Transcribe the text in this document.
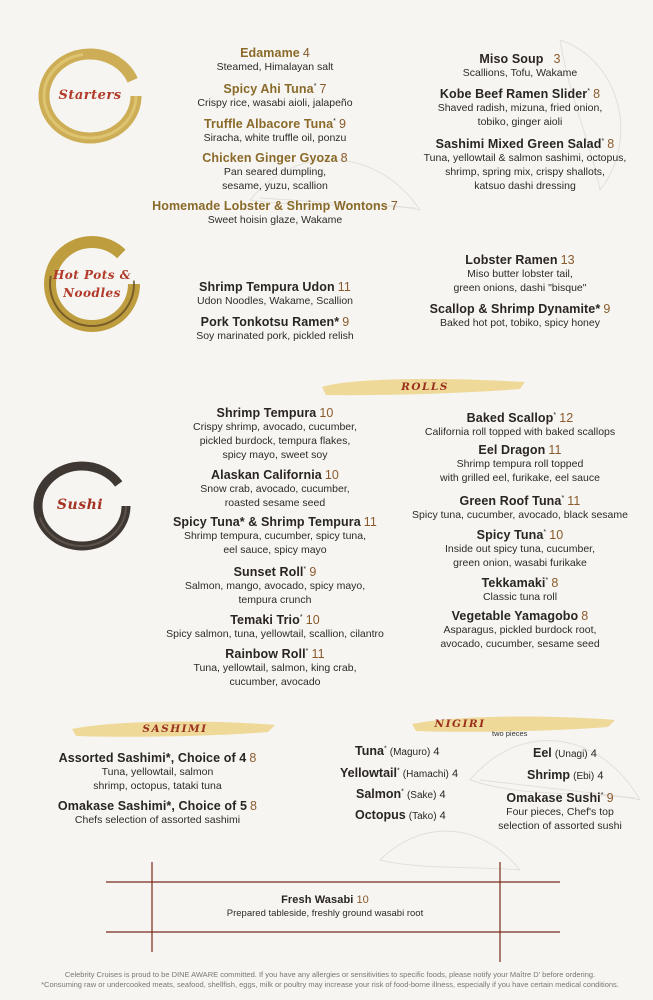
Starters
Hot Pots & Noodles
Sushi
Edamame 4
Steamed, Himalayan salt
Spicy Ahi Tuna* 7
Crispy rice, wasabi aioli, jalapeño
Truffle Albacore Tuna* 9
Siracha, white truffle oil, ponzu
Chicken Ginger Gyoza 8
Pan seared dumpling,
sesame, yuzu, scallion
Homemade Lobster & Shrimp Wontons 7
Sweet hoisin glaze, Wakame
Miso Soup 3
Scallions, Tofu, Wakame
Kobe Beef Ramen Slider* 8
Shaved radish, mizuna, fried onion,
tobiko, ginger aioli
Sashimi Mixed Green Salad* 8
Tuna, yellowtail & salmon sashimi, octopus,
shrimp, spring mix, crispy shallots,
katsuo dashi dressing
Shrimp Tempura Udon 11
Udon Noodles, Wakame, Scallion
Pork Tonkotsu Ramen* 9
Soy marinated pork, pickled relish
Lobster Ramen 13
Miso butter lobster tail,
green onions, dashi "bisque"
Scallop & Shrimp Dynamite* 9
Baked hot pot, tobiko, spicy honey
ROLLS
Shrimp Tempura 10
Crispy shrimp, avocado, cucumber,
pickled burdock, tempura flakes,
spicy mayo, sweet soy
Alaskan California 10
Snow crab, avocado, cucumber,
roasted sesame seed
Spicy Tuna* & Shrimp Tempura 11
Shrimp tempura, cucumber, spicy tuna,
eel sauce, spicy mayo
Sunset Roll* 9
Salmon, mango, avocado, spicy mayo,
tempura crunch
Temaki Trio* 10
Spicy salmon, tuna, yellowtail, scallion, cilantro
Rainbow Roll* 11
Tuna, yellowtail, salmon, king crab,
cucumber, avocado
Baked Scallop* 12
California roll topped with baked scallops
Eel Dragon 11
Shrimp tempura roll topped
with grilled eel, furikake, eel sauce
Green Roof Tuna* 11
Spicy tuna, cucumber, avocado, black sesame
Spicy Tuna* 10
Inside out spicy tuna, cucumber,
green onion, wasabi furikake
Tekkamaki* 8
Classic tuna roll
Vegetable Yamagobo 8
Asparagus, pickled burdock root,
avocado, cucumber, sesame seed
SASHIMI	NIGIRI
two pieces
Assorted Sashimi*, Choice of 4 8
Tuna, yellowtail, salmon
shrimp, octopus, tataki tuna
Omakase Sashimi*, Choice of 5 8
Chefs selection of assorted sashimi
Tuna* (Maguro) 4
Yellowtail* (Hamachi) 4
Salmon* (Sake) 4
Octopus (Tako) 4
Eel (Unagi) 4
Shrimp (Ebi) 4
Omakase Sushi* 9
Four pieces, Chef's top
selection of assorted sushi
Fresh Wasabi 10
Prepared tableside, freshly ground wasabi root
Celebrity Cruises is proud to be DINE AWARE committed. If you have any allergies or sensitivities to specific foods, please notify your Maître D' before ordering.
*Consuming raw or undercooked meats, seafood, shellfish, eggs, milk or poultry may increase your risk of food-borne illness, especially if you have certain medical conditions.
